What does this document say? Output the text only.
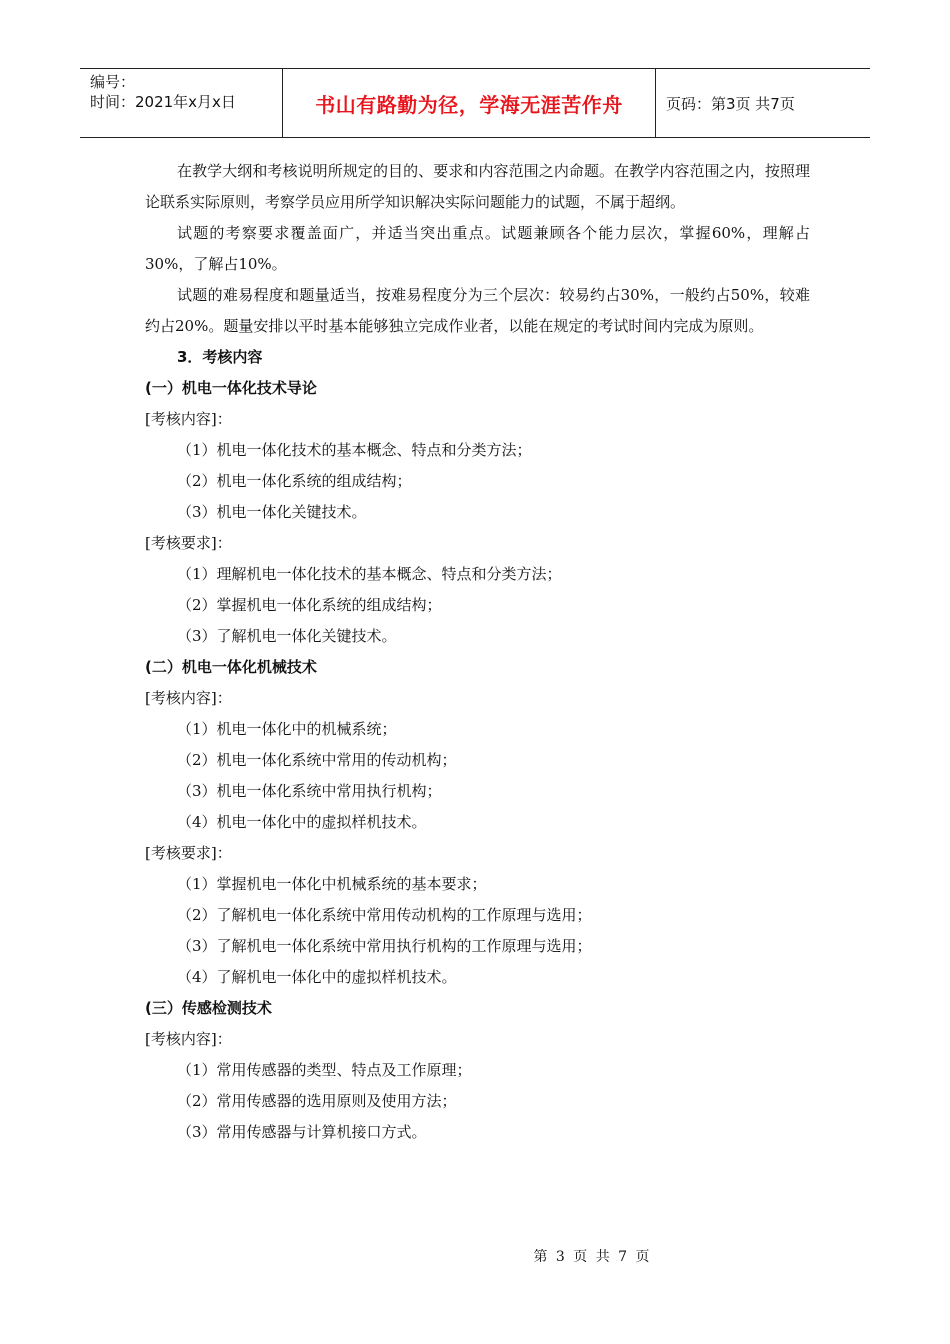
编号：
时间：2021年x月x日	书山有路勤为径，学海无涯苦作舟	页码：第3页 共7页
在教学大纲和考核说明所规定的目的、要求和内容范围之内命题。在教学内容范围之内，按照理论联系实际原则，考察学员应用所学知识解决实际问题能力的试题，不属于超纲。
试题的考察要求覆盖面广，并适当突出重点。试题兼顾各个能力层次，掌握60%，理解占30%，了解占10%。
试题的难易程度和题量适当，按难易程度分为三个层次：较易约占30%，一般约占50%，较难约占20%。题量安排以平时基本能够独立完成作业者，以能在规定的考试时间内完成为原则。
3．考核内容
(一）机电一体化技术导论
[考核内容]：
（1）机电一体化技术的基本概念、特点和分类方法；
（2）机电一体化系统的组成结构；
（3）机电一体化关键技术。
[考核要求]：
（1）理解机电一体化技术的基本概念、特点和分类方法；
（2）掌握机电一体化系统的组成结构；
（3）了解机电一体化关键技术。
(二）机电一体化机械技术
[考核内容]：
（1）机电一体化中的机械系统；
（2）机电一体化系统中常用的传动机构；
（3）机电一体化系统中常用执行机构；
（4）机电一体化中的虚拟样机技术。
[考核要求]：
（1）掌握机电一体化中机械系统的基本要求；
（2）了解机电一体化系统中常用传动机构的工作原理与选用；
（3）了解机电一体化系统中常用执行机构的工作原理与选用；
（4）了解机电一体化中的虚拟样机技术。
(三）传感检测技术
[考核内容]：
（1）常用传感器的类型、特点及工作原理；
（2）常用传感器的选用原则及使用方法；
（3）常用传感器与计算机接口方式。
第 3 页 共 7 页
